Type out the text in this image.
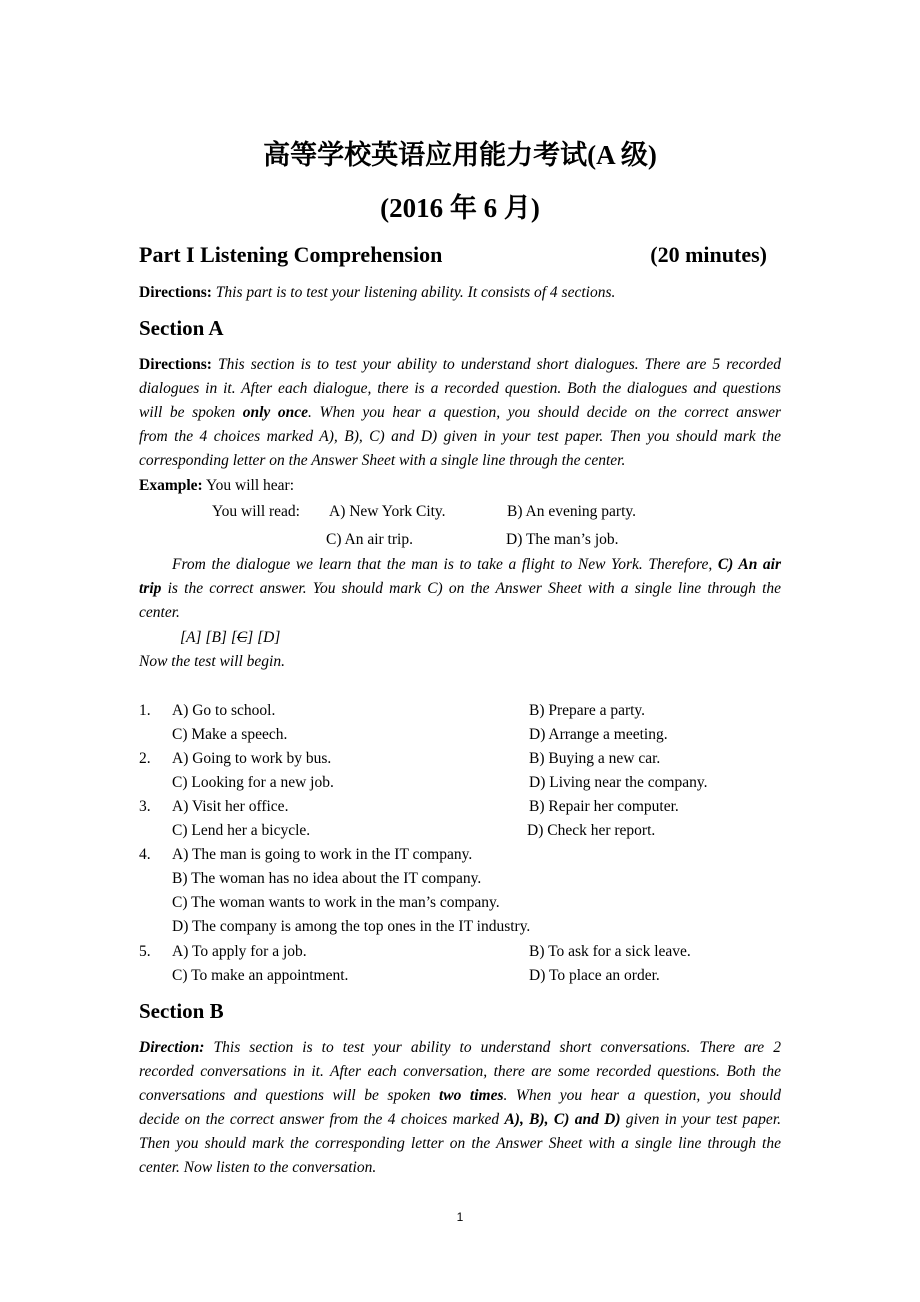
高等学校英语应用能力考试(A 级)
(2016 年 6 月)
Part I Listening Comprehension	(20 minutes)
Directions: This part is to test your listening ability. It consists of 4 sections.
Section A
Directions: This section is to test your ability to understand short dialogues. There are 5 recorded
dialogues in it. After each dialogue, there is a recorded question. Both the dialogues and questions
will be spoken only once. When you hear a question, you should decide on the correct answer
from the 4 choices marked A), B), C) and D) given in your test paper. Then you should mark the
corresponding letter on the Answer Sheet with a single line through the center.
Example: You will hear:
You will read: A) New York City.	B) An evening party.
C) An air trip.	D) The man’s job.
From the dialogue we learn that the man is to take a flight to New York. Therefore, C) An air
trip is the correct answer. You should mark C) on the Answer Sheet with a single line through the
center.
[A] [B] [C] [D]
Now the test will begin.
1. A) Go to school.	B) Prepare a party.
C) Make a speech.	D) Arrange a meeting.
2. A) Going to work by bus.	B) Buying a new car.
C) Looking for a new job.	D) Living near the company.
3. A) Visit her office.	B) Repair her computer.
C) Lend her a bicycle.	D) Check her report.
4. A) The man is going to work in the IT company.
B) The woman has no idea about the IT company.
C) The woman wants to work in the man’s company.
D) The company is among the top ones in the IT industry.
5. A) To apply for a job.	B) To ask for a sick leave.
C) To make an appointment.	D) To place an order.
Section B
Direction: This section is to test your ability to understand short conversations. There are 2
recorded conversations in it. After each conversation, there are some recorded questions. Both the
conversations and questions will be spoken two times. When you hear a question, you should
decide on the correct answer from the 4 choices marked A), B), C) and D) given in your test paper.
Then you should mark the corresponding letter on the Answer Sheet with a single line through the
center. Now listen to the conversation.
1
